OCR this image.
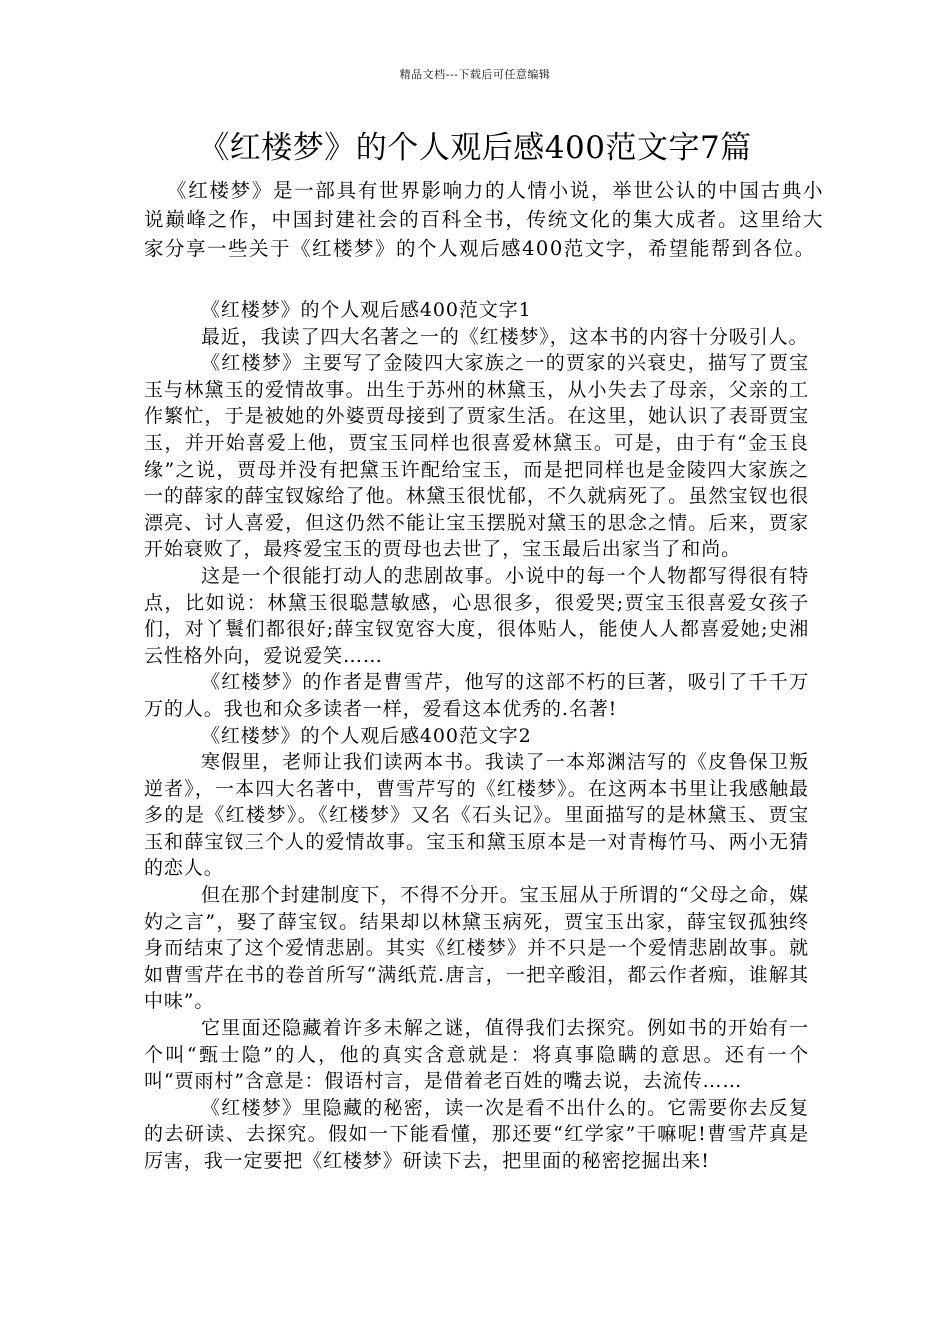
精品文档---下载后可任意编辑
《红楼梦》的个人观后感400范文字7篇

《红楼梦》是一部具有世界影响力的人情小说，举世公认的中国古典小说巅峰之作，中国封建社会的百科全书，传统文化的集大成者。这里给大家分享一些关于《红楼梦》的个人观后感400范文字，希望能帮到各位。

《红楼梦》的个人观后感400范文字1

最近，我读了四大名著之一的《红楼梦》，这本书的内容十分吸引人。

《红楼梦》主要写了金陵四大家族之一的贾家的兴衰史，描写了贾宝玉与林黛玉的爱情故事。出生于苏州的林黛玉，从小失去了母亲，父亲的工作繁忙，于是被她的外婆贾母接到了贾家生活。在这里，她认识了表哥贾宝玉，并开始喜爱上他，贾宝玉同样也很喜爱林黛玉。可是，由于有“金玉良缘”之说，贾母并没有把黛玉许配给宝玉，而是把同样也是金陵四大家族之一的薛家的薛宝钗嫁给了他。林黛玉很忧郁，不久就病死了。虽然宝钗也很漂亮、讨人喜爱，但这仍然不能让宝玉摆脱对黛玉的思念之情。后来，贾家开始衰败了，最疼爱宝玉的贾母也去世了，宝玉最后出家当了和尚。

这是一个很能打动人的悲剧故事。小说中的每一个人物都写得很有特点，比如说：林黛玉很聪慧敏感，心思很多，很爱哭;贾宝玉很喜爱女孩子们，对丫鬟们都很好;薛宝钗宽容大度，很体贴人，能使人人都喜爱她;史湘云性格外向，爱说爱笑……

《红楼梦》的作者是曹雪芹，他写的这部不朽的巨著，吸引了千千万万的人。我也和众多读者一样，爱看这本优秀的.名著!

《红楼梦》的个人观后感400范文字2

寒假里，老师让我们读两本书。我读了一本郑渊洁写的《皮鲁保卫叛逆者》，一本四大名著中，曹雪芹写的《红楼梦》。在这两本书里让我感触最多的是《红楼梦》。《红楼梦》又名《石头记》。里面描写的是林黛玉、贾宝玉和薛宝钗三个人的爱情故事。宝玉和黛玉原本是一对青梅竹马、两小无猜的恋人。

但在那个封建制度下，不得不分开。宝玉屈从于所谓的“父母之命，媒妁之言”，娶了薛宝钗。结果却以林黛玉病死，贾宝玉出家，薛宝钗孤独终身而结束了这个爱情悲剧。其实《红楼梦》并不只是一个爱情悲剧故事。就如曹雪芹在书的卷首所写“满纸荒.唐言，一把辛酸泪，都云作者痴，谁解其中味”。

它里面还隐藏着许多未解之谜，值得我们去探究。例如书的开始有一个叫“甄士隐”的人，他的真实含意就是：将真事隐瞒的意思。还有一个叫“贾雨村”含意是：假语村言，是借着老百姓的嘴去说，去流传……

《红楼梦》里隐藏的秘密，读一次是看不出什么的。它需要你去反复的去研读、去探究。假如一下能看懂，那还要“红学家”干嘛呢!曹雪芹真是厉害，我一定要把《红楼梦》研读下去，把里面的秘密挖掘出来!
